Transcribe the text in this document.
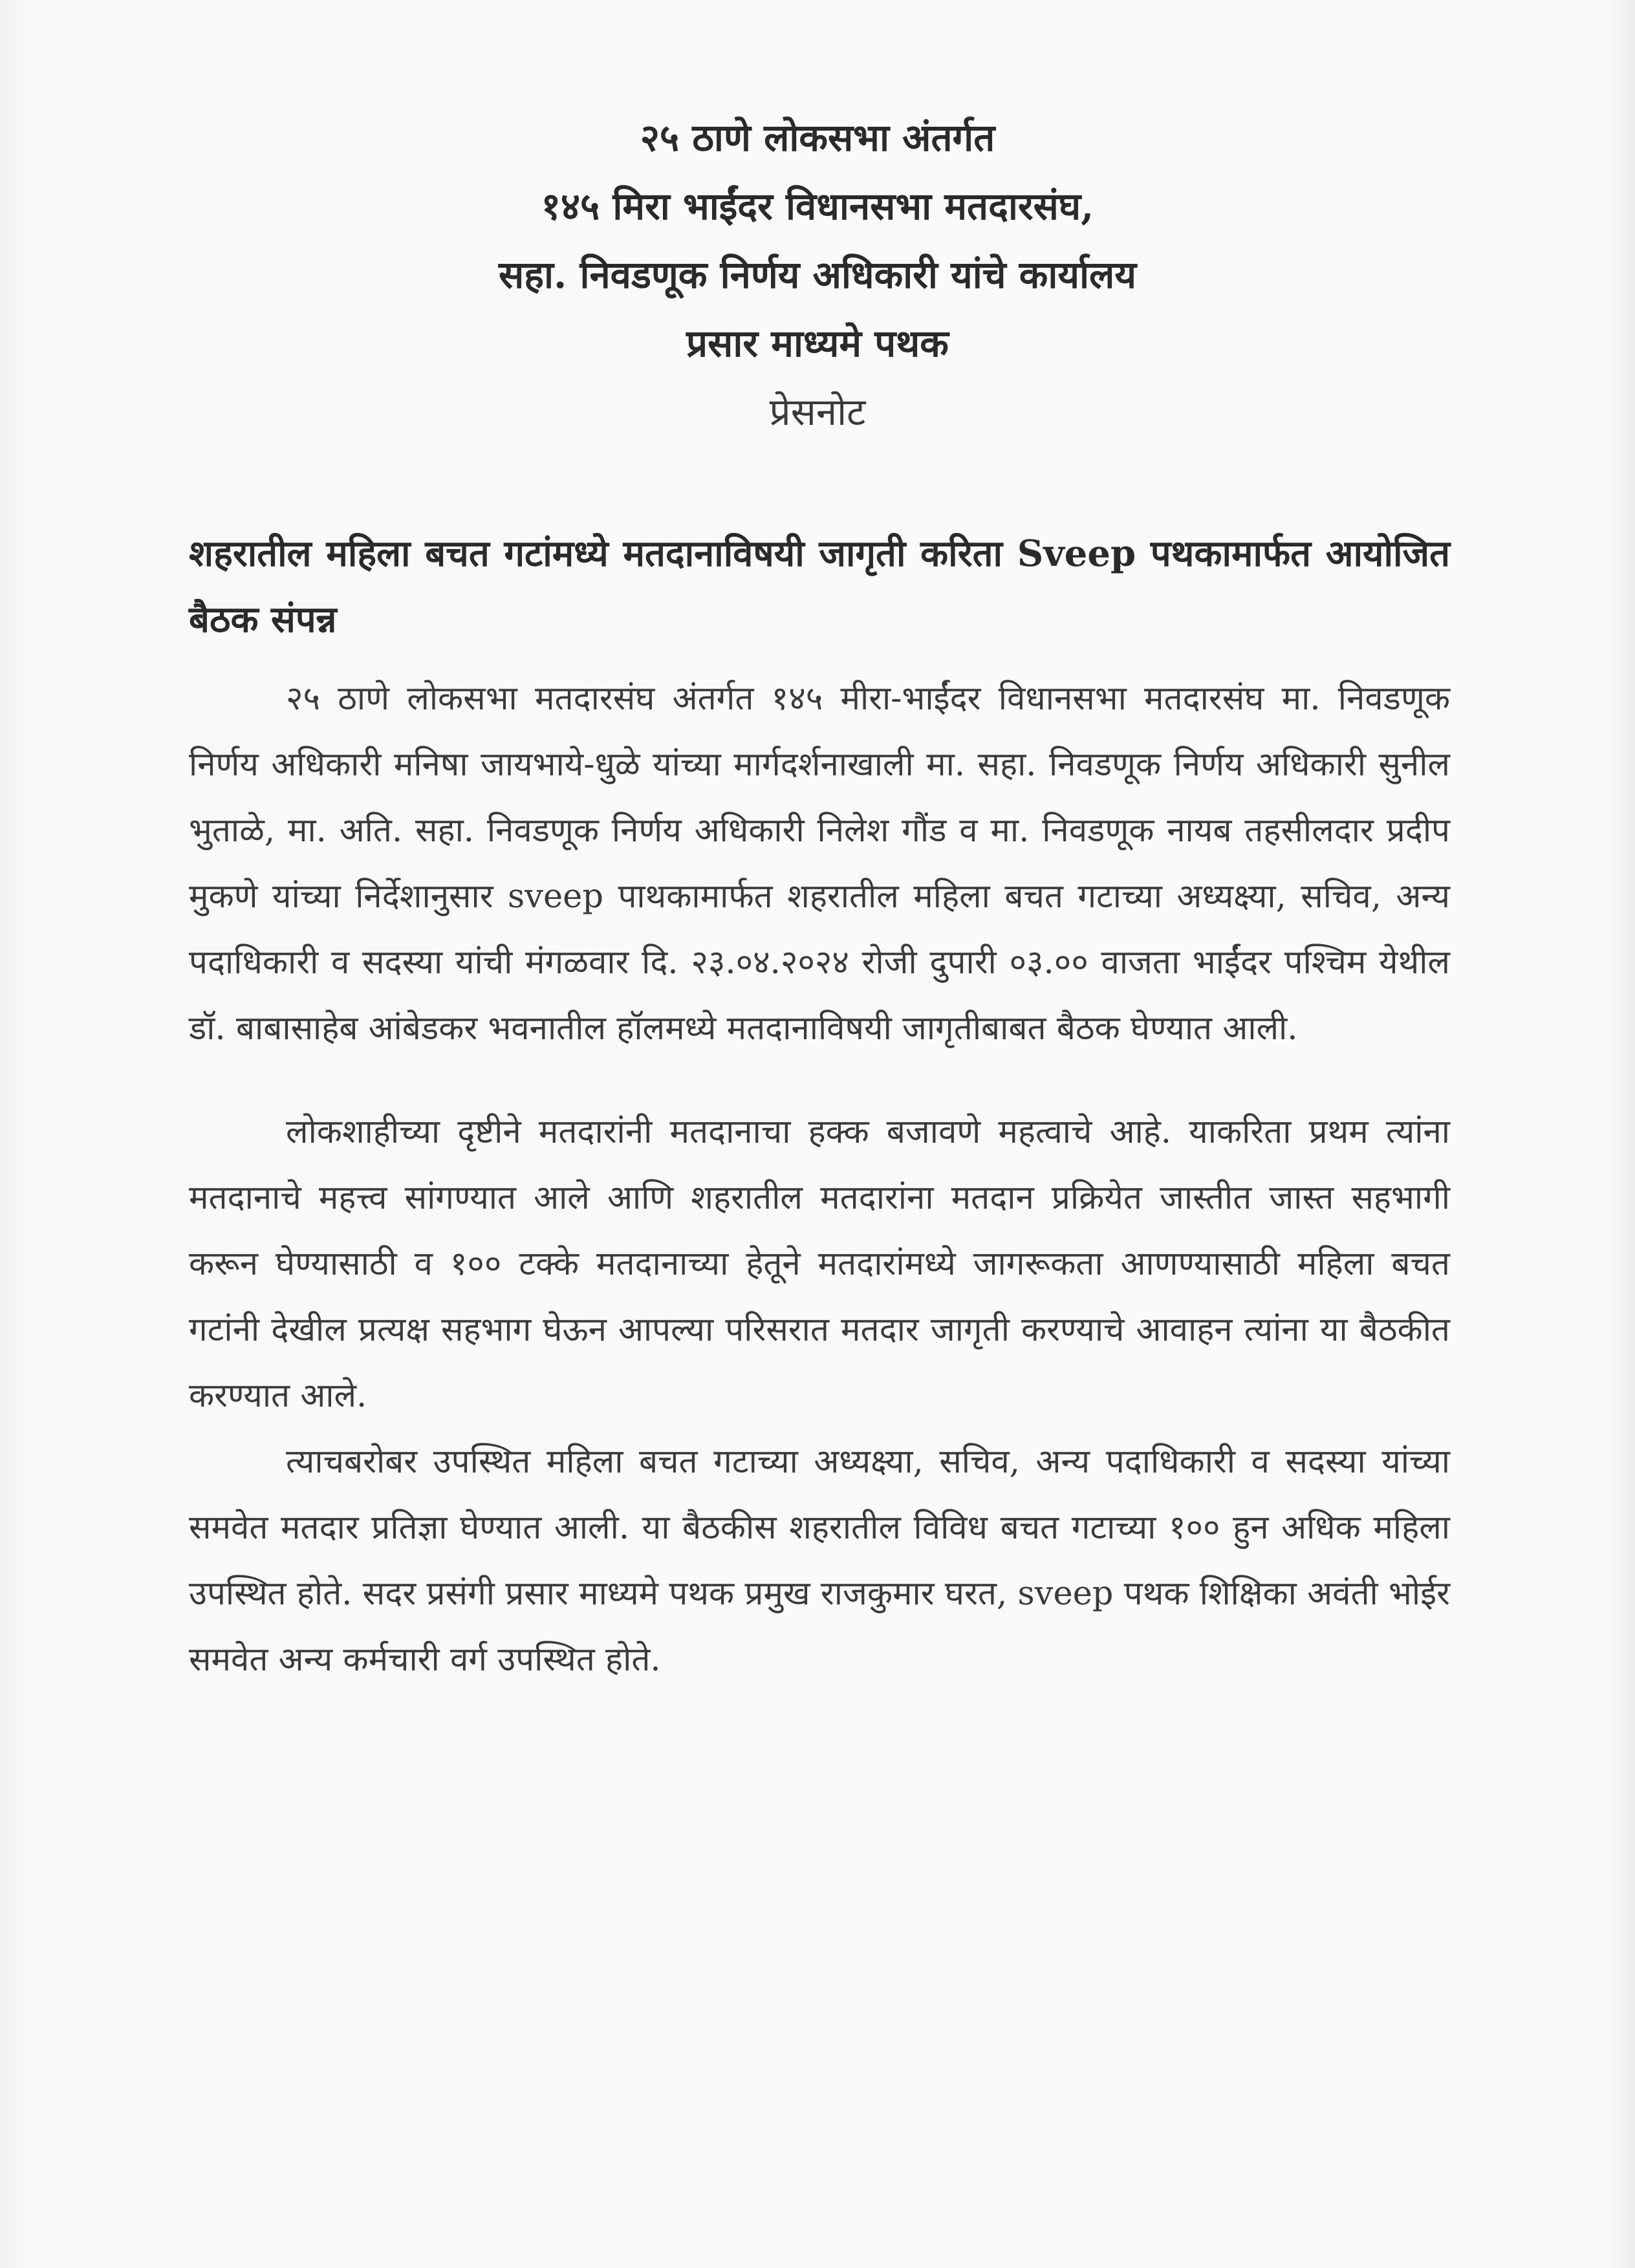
२५ ठाणे लोकसभा अंतर्गत
१४५ मिरा भाईंदर विधानसभा मतदारसंघ,
सहा. निवडणूक निर्णय अधिकारी यांचे कार्यालय
प्रसार माध्यमे पथक
प्रेसनोट
शहरातील महिला बचत गटांमध्ये मतदानाविषयी जागृती करिता Sveep पथकामार्फत आयोजित बैठक संपन्न

२५ ठाणे लोकसभा मतदारसंघ अंतर्गत १४५ मीरा-भाईंदर विधानसभा मतदारसंघ मा. निवडणूक निर्णय अधिकारी मनिषा जायभाये-धुळे यांच्या मार्गदर्शनाखाली मा. सहा. निवडणूक निर्णय अधिकारी सुनील भुताळे, मा. अति. सहा. निवडणूक निर्णय अधिकारी निलेश गौंड व मा. निवडणूक नायब तहसीलदार प्रदीप मुकणे यांच्या निर्देशानुसार sveep पाथकामार्फत शहरातील महिला बचत गटाच्या अध्यक्ष्या, सचिव, अन्य पदाधिकारी व सदस्या यांची मंगळवार दि. २३.०४.२०२४ रोजी दुपारी ०३.०० वाजता भाईंदर पश्चिम येथील डॉ. बाबासाहेब आंबेडकर भवनातील हॉलमध्ये मतदानाविषयी जागृतीबाबत बैठक घेण्यात आली.

लोकशाहीच्या दृष्टीने मतदारांनी मतदानाचा हक्क बजावणे महत्वाचे आहे. याकरिता प्रथम त्यांना मतदानाचे महत्त्व सांगण्यात आले आणि शहरातील मतदारांना मतदान प्रक्रियेत जास्तीत जास्त सहभागी करून घेण्यासाठी व १०० टक्के मतदानाच्या हेतूने मतदारांमध्ये जागरूकता आणण्यासाठी महिला बचत गटांनी देखील प्रत्यक्ष सहभाग घेऊन आपल्या परिसरात मतदार जागृती करण्याचे आवाहन त्यांना या बैठकीत करण्यात आले.

त्याचबरोबर उपस्थित महिला बचत गटाच्या अध्यक्ष्या, सचिव, अन्य पदाधिकारी व सदस्या यांच्या समवेत मतदार प्रतिज्ञा घेण्यात आली. या बैठकीस शहरातील विविध बचत गटाच्या १०० हुन अधिक महिला उपस्थित होते. सदर प्रसंगी प्रसार माध्यमे पथक प्रमुख राजकुमार घरत, sveep पथक शिक्षिका अवंती भोईर समवेत अन्य कर्मचारी वर्ग उपस्थित होते.
